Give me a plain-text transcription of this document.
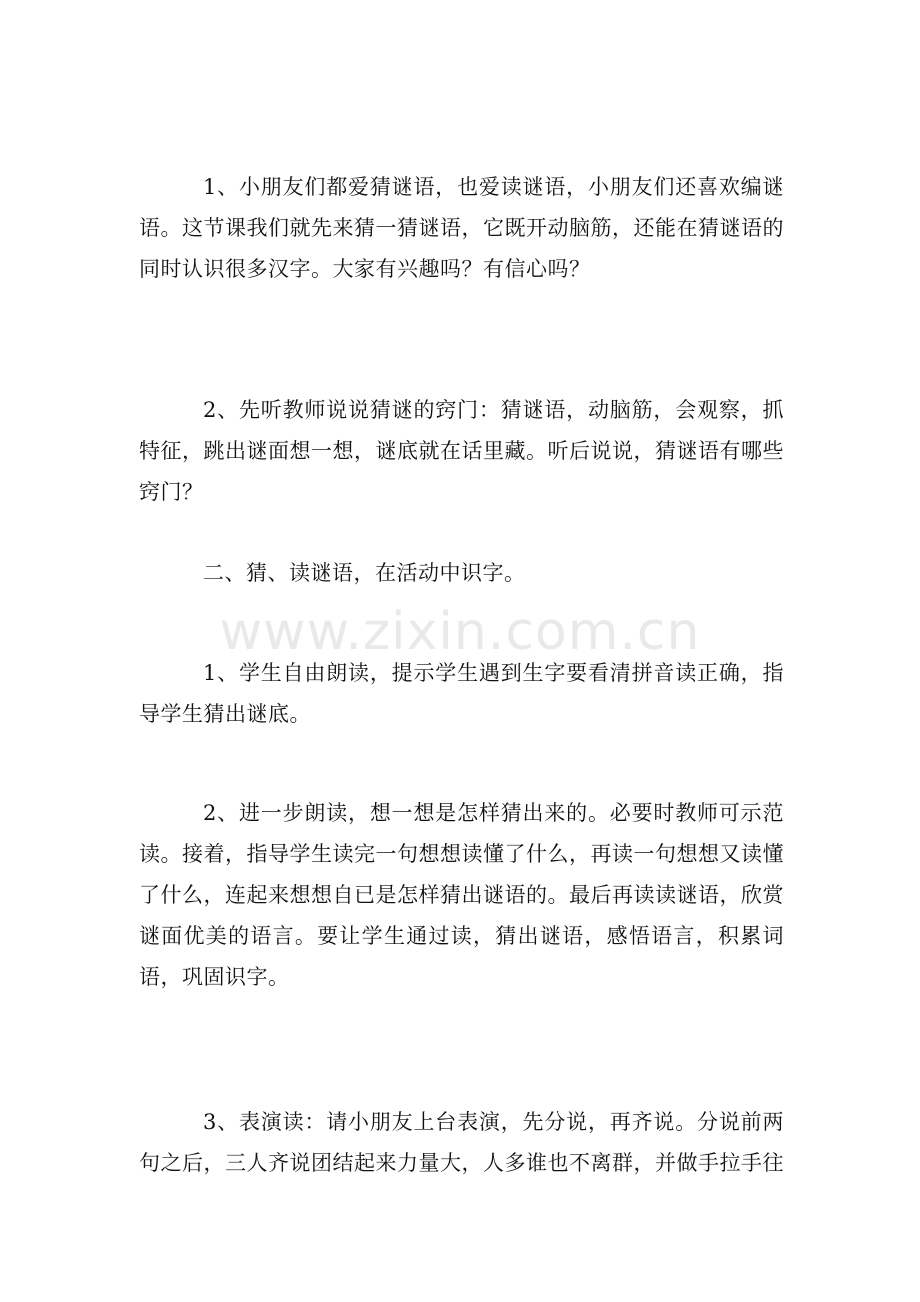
1、小朋友们都爱猜谜语，也爱读谜语，小朋友们还喜欢编谜语。这节课我们就先来猜一猜谜语，它既开动脑筋，还能在猜谜语的同时认识很多汉字。大家有兴趣吗？有信心吗？

2、先听教师说说猜谜的窍门：猜谜语，动脑筋，会观察，抓特征，跳出谜面想一想，谜底就在话里藏。听后说说，猜谜语有哪些窍门？

二、猜、读谜语，在活动中识字。

1、学生自由朗读，提示学生遇到生字要看清拼音读正确，指导学生猜出谜底。

2、进一步朗读，想一想是怎样猜出来的。必要时教师可示范读。接着，指导学生读完一句想想读懂了什么，再读一句想想又读懂了什么，连起来想想自已是怎样猜出谜语的。最后再读读谜语，欣赏谜面优美的语言。要让学生通过读，猜出谜语，感悟语言，积累词语，巩固识字。

3、表演读：请小朋友上台表演，先分说，再齐说。分说前两句之后，三人齐说团结起来力量大，人多谁也不离群，并做手拉手往

www.zixin.com.cn
